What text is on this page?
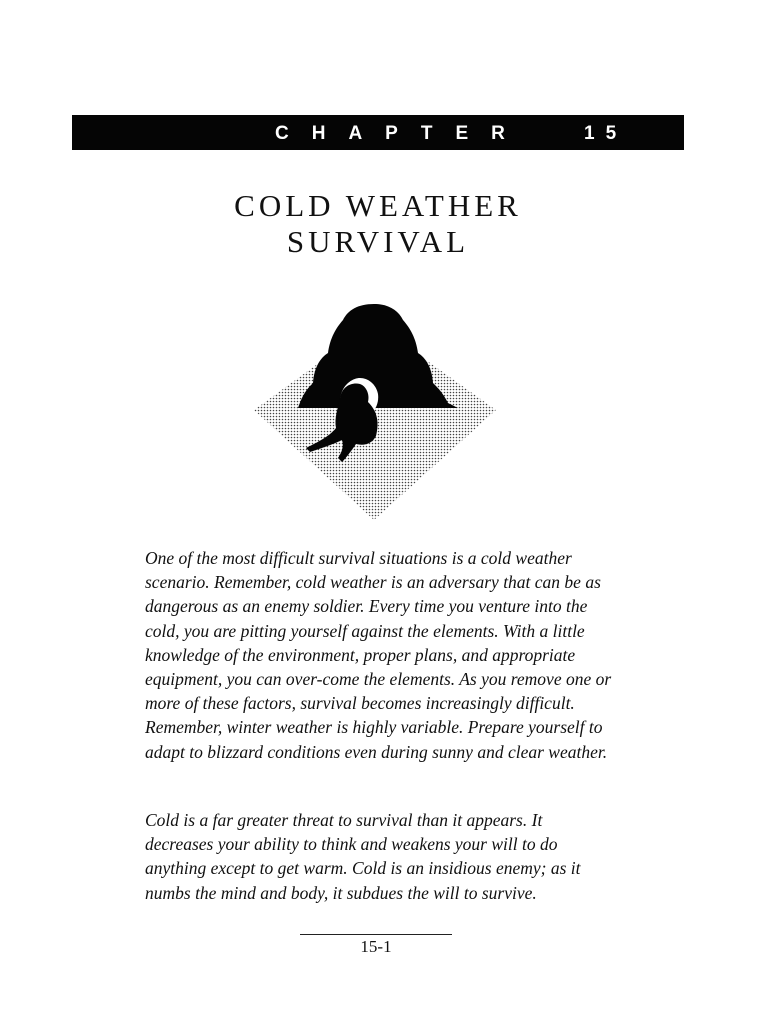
CHAPTER	15
COLD WEATHER
SURVIVAL

One of the most difficult survival situations is a cold weather scenario. Remember, cold weather is an adversary that can be as dangerous as an enemy soldier. Every time you venture into the cold, you are pitting yourself against the elements. With a little knowledge of the environment, proper plans, and appropriate equipment, you can over-come the elements. As you remove one or more of these factors, survival becomes increasingly difficult. Remember, winter weather is highly variable. Prepare yourself to adapt to blizzard conditions even during sunny and clear weather.

Cold is a far greater threat to survival than it appears. It decreases your ability to think and weakens your will to do anything except to get warm. Cold is an insidious enemy; as it numbs the mind and body, it subdues the will to survive.

15-1
